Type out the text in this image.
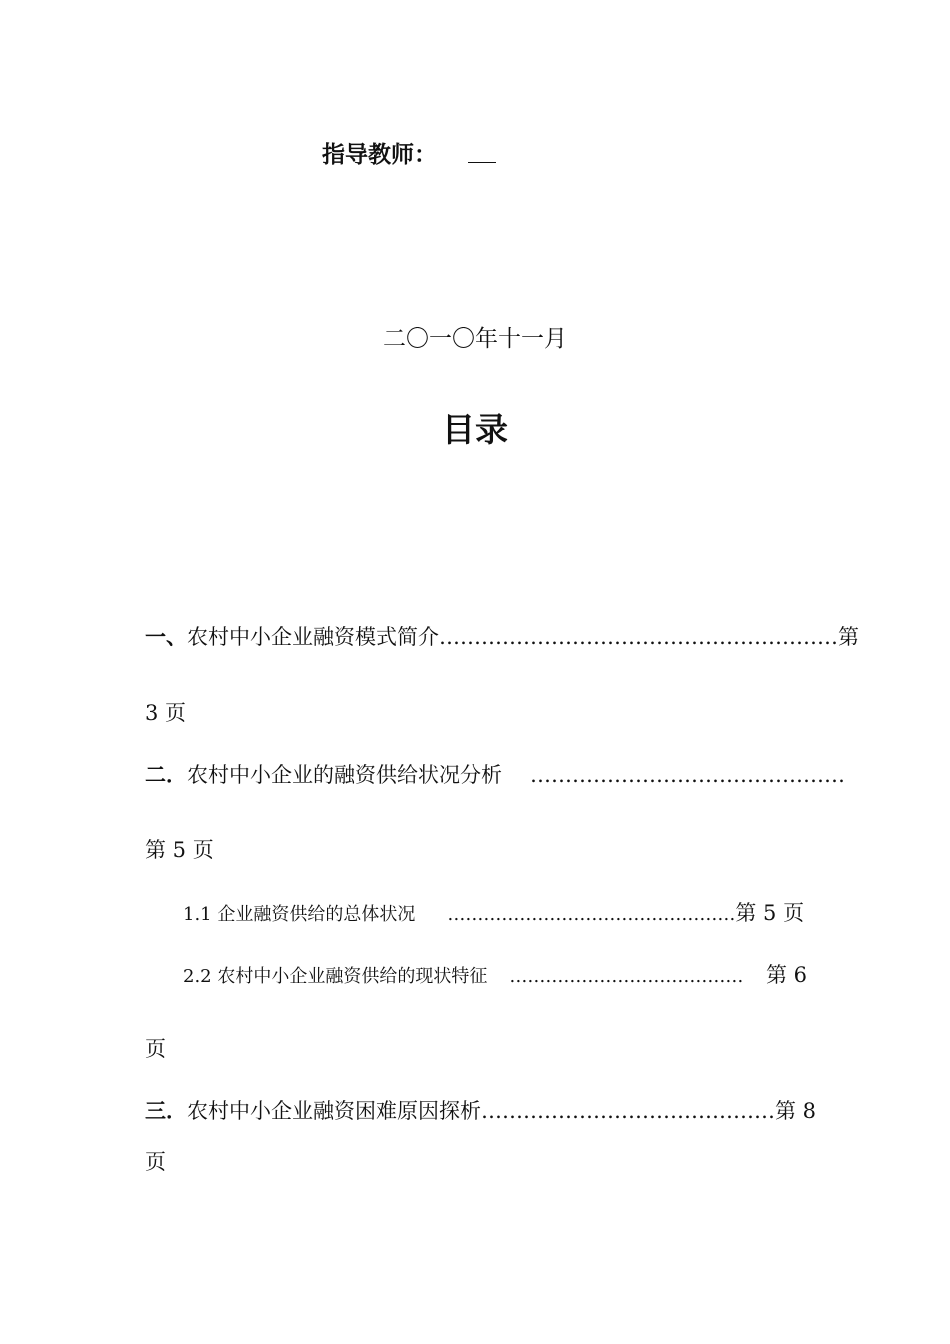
指导教师：
二〇一〇年十一月
目录
一、 农村中小企业融资模式简介 ………………………………………………… 第
3 页
二． 农村中小企业的融资供给状况分析 ………………………………………
第 5 页
1.1 企业融资供给的总体状况 ………………………………………… 第 5 页
2.2 农村中小企业融资供给的现状特征 …………………………………	第 6
页
三． 农村中小企业融资困难原因探析 …………………………………… 第 8
页
